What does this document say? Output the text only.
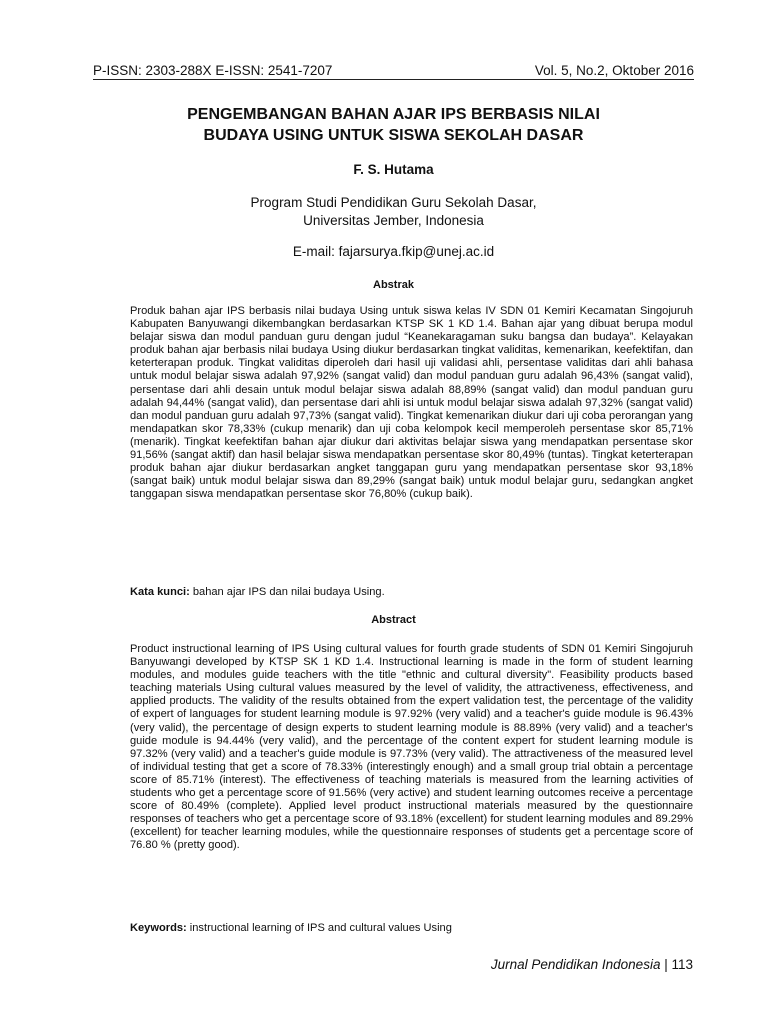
P-ISSN: 2303-288X E-ISSN: 2541-7207	Vol. 5, No.2, Oktober 2016
PENGEMBANGAN BAHAN AJAR IPS BERBASIS NILAI
BUDAYA USING UNTUK SISWA SEKOLAH DASAR
F. S. Hutama
Program Studi Pendidikan Guru Sekolah Dasar,
Universitas Jember, Indonesia
E-mail: fajarsurya.fkip@unej.ac.id
Abstrak

Produk bahan ajar IPS berbasis nilai budaya Using untuk siswa kelas IV SDN 01 Kemiri Kecamatan Singojuruh Kabupaten Banyuwangi dikembangkan berdasarkan KTSP SK 1 KD 1.4. Bahan ajar yang dibuat berupa modul belajar siswa dan modul panduan guru dengan judul “Keanekaragaman suku bangsa dan budaya”. Kelayakan produk bahan ajar berbasis nilai budaya Using diukur berdasarkan tingkat validitas, kemenarikan, keefektifan, dan keterterapan produk. Tingkat validitas diperoleh dari hasil uji validasi ahli, persentase validitas dari ahli bahasa untuk modul belajar siswa adalah 97,92% (sangat valid) dan modul panduan guru adalah 96,43% (sangat valid), persentase dari ahli desain untuk modul belajar siswa adalah 88,89% (sangat valid) dan modul panduan guru adalah 94,44% (sangat valid), dan persentase dari ahli isi untuk modul belajar siswa adalah 97,32% (sangat valid) dan modul panduan guru adalah 97,73% (sangat valid). Tingkat kemenarikan diukur dari uji coba perorangan yang mendapatkan skor 78,33% (cukup menarik) dan uji coba kelompok kecil memperoleh persentase skor 85,71% (menarik). Tingkat keefektifan bahan ajar diukur dari aktivitas belajar siswa yang mendapatkan persentase skor 91,56% (sangat aktif) dan hasil belajar siswa mendapatkan persentase skor 80,49% (tuntas). Tingkat keterterapan produk bahan ajar diukur berdasarkan angket tanggapan guru yang mendapatkan persentase skor 93,18% (sangat baik) untuk modul belajar siswa dan 89,29% (sangat baik) untuk modul belajar guru, sedangkan angket tanggapan siswa mendapatkan persentase skor 76,80% (cukup baik).

Kata kunci: bahan ajar IPS dan nilai budaya Using.
Abstract

Product instructional learning of IPS Using cultural values for fourth grade students of SDN 01 Kemiri Singojuruh Banyuwangi developed by KTSP SK 1 KD 1.4. Instructional learning is made in the form of student learning modules, and modules guide teachers with the title "ethnic and cultural diversity". Feasibility products based teaching materials Using cultural values measured by the level of validity, the attractiveness, effectiveness, and applied products. The validity of the results obtained from the expert validation test, the percentage of the validity of expert of languages for student learning module is 97.92% (very valid) and a teacher's guide module is 96.43% (very valid), the percentage of design experts to student learning module is 88.89% (very valid) and a teacher's guide module is 94.44% (very valid), and the percentage of the content expert for student learning module is 97.32% (very valid) and a teacher's guide module is 97.73% (very valid). The attractiveness of the measured level of individual testing that get a score of 78.33% (interestingly enough) and a small group trial obtain a percentage score of 85.71% (interest). The effectiveness of teaching materials is measured from the learning activities of students who get a percentage score of 91.56% (very active) and student learning outcomes receive a percentage score of 80.49% (complete). Applied level product instructional materials measured by the questionnaire responses of teachers who get a percentage score of 93.18% (excellent) for student learning modules and 89.29% (excellent) for teacher learning modules, while the questionnaire responses of students get a percentage score of 76.80 % (pretty good).

Keywords: instructional learning of IPS and cultural values Using
Jurnal Pendidikan Indonesia | 113
